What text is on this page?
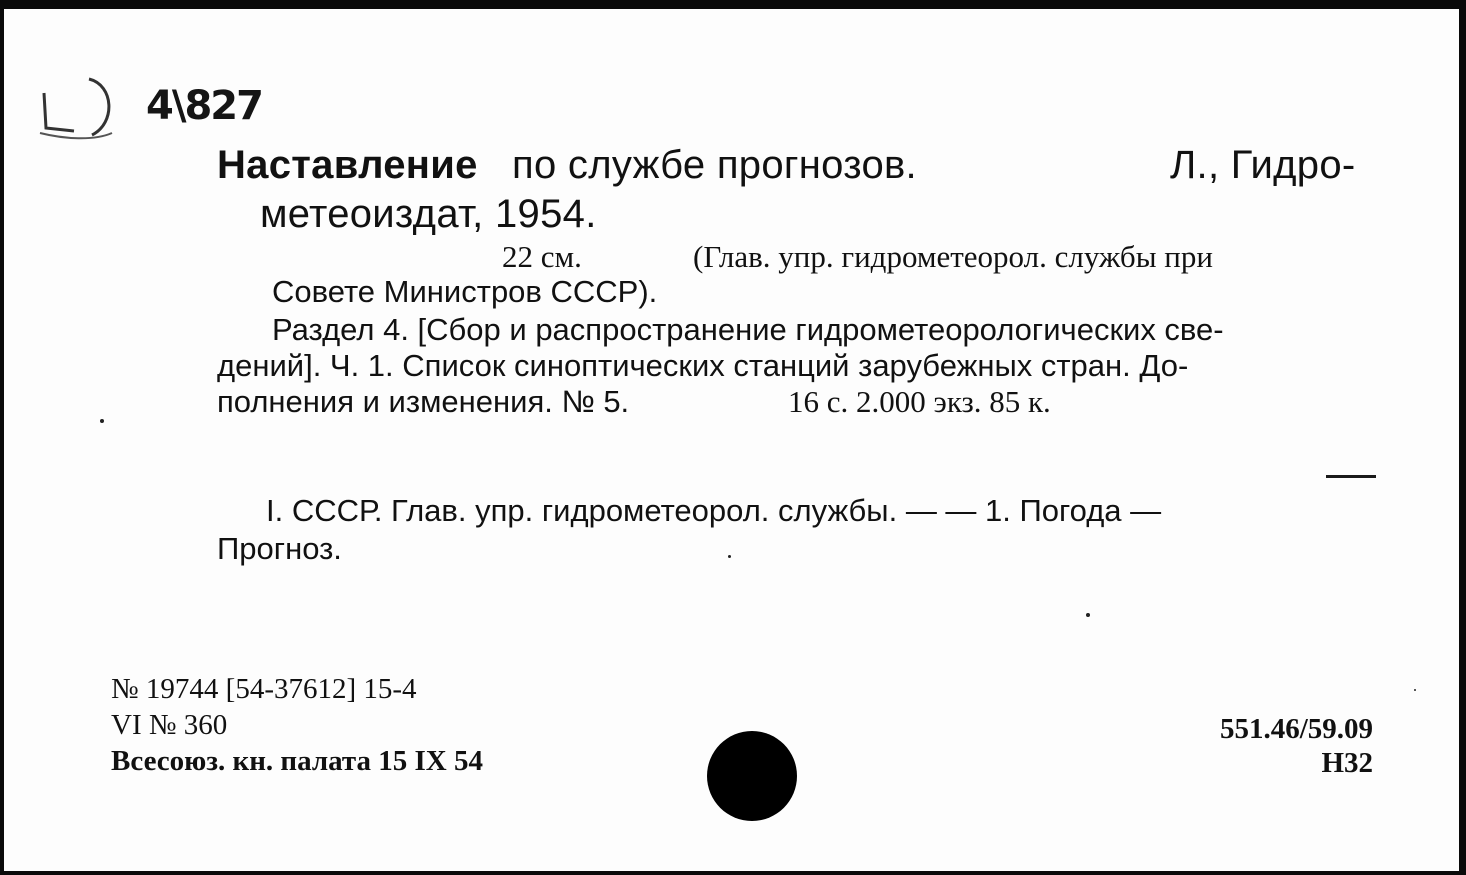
4\827
Наставление по службе прогнозов.	Л., Гидро-
метеоиздат, 1954.
22 см.	(Глав. упр. гидрометеорол. службы при
Совете Министров СССР).
Раздел 4. [Сбор и распространение гидрометеорологических све-
дений]. Ч. 1. Список синоптических станций зарубежных стран. До-
полнения и изменения. № 5.	16 с. 2.000 экз. 85 к.
I. СССР. Глав. упр. гидрометеорол. службы. — — 1. Погода —
Прогноз.
№ 19744 [54-37612] 15-4
VI № 360
Всесоюз. кн. палата 15 IX 54
551.46/59.09
Н32
